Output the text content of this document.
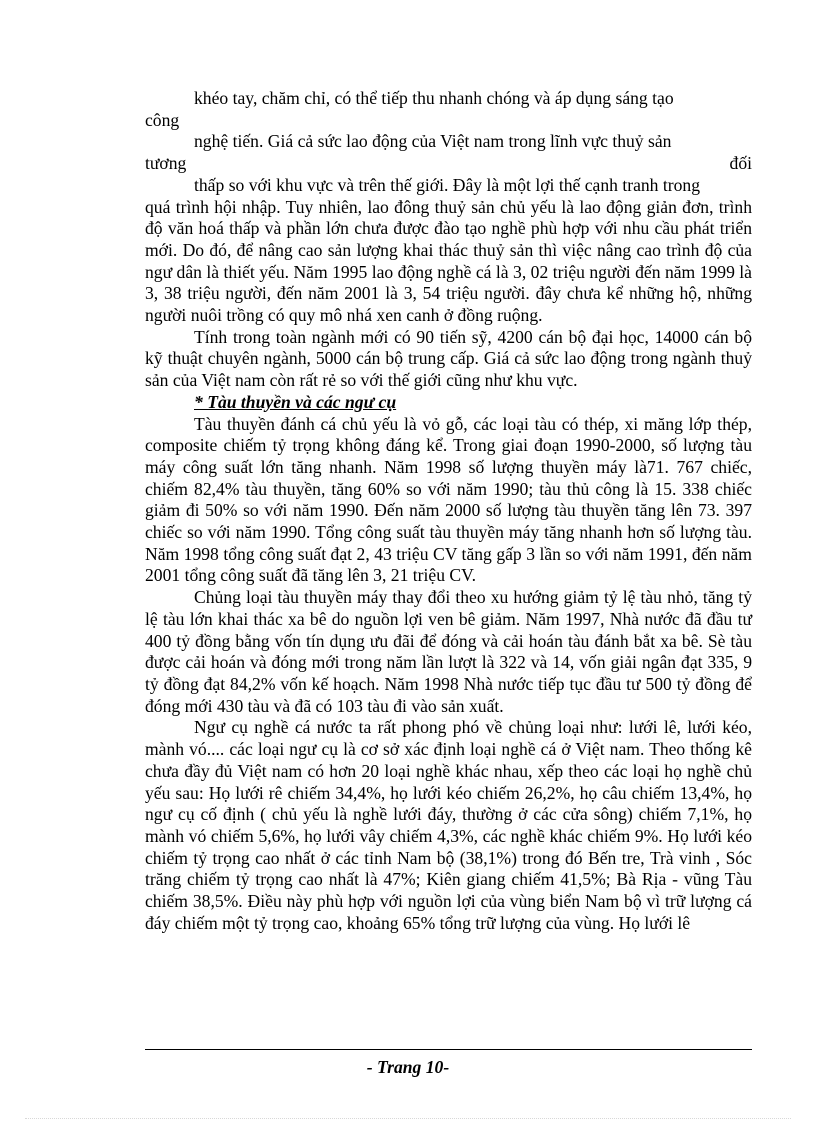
khéo tay, chăm chỉ, có thể tiếp thu nhanh chóng và áp dụng sáng tạo

công

nghệ tiến. Giá cả sức lao động của Việt nam trong lĩnh vực thuỷ sản

tương	đối

thấp so với khu vực và trên thế giới. Đây là một lợi thế cạnh tranh trong

quá trình hội nhập. Tuy nhiên, lao đông thuỷ sản chủ yếu là lao động giản đơn, trình độ văn hoá thấp và phần lớn chưa được đào tạo nghề phù hợp với nhu cầu phát triển mới. Do đó, để nâng cao sản lượng khai thác thuỷ sản thì việc nâng cao trình độ của ngư dân là thiết yếu. Năm 1995 lao động nghề cá là 3, 02 triệu người đến năm 1999 là 3, 38 triệu người, đến năm 2001 là 3, 54 triệu người. đây chưa kể những hộ, những người nuôi trồng có quy mô nhá xen canh ở đồng ruộng.

Tính trong toàn ngành mới có 90 tiến sỹ, 4200 cán bộ đại học, 14000 cán bộ kỹ thuật chuyên ngành, 5000 cán bộ trung cấp. Giá cả sức lao động trong ngành thuỷ sản của Việt nam còn rất rẻ so với thế giới cũng như khu vực.

* Tàu thuyền và các ngư cụ

Tàu thuyền đánh cá chủ yếu là vỏ gỗ, các loại tàu có thép, xi măng lớp thép, composite chiếm tỷ trọng không đáng kể. Trong giai đoạn 1990-2000, số lượng tàu máy công suất lớn tăng nhanh. Năm 1998 số lượng thuyền máy là71. 767 chiếc, chiếm 82,4% tàu thuyền, tăng 60% so với năm 1990; tàu thủ công là 15. 338 chiếc giảm đi 50% so với năm 1990. Đến năm 2000 số lượng tàu thuyền tăng lên 73. 397 chiếc so với năm 1990. Tổng công suất tàu thuyền máy tăng nhanh hơn số lượng tàu. Năm 1998 tổng công suất đạt 2, 43 triệu CV tăng gấp 3 lần so với năm 1991, đến năm 2001 tổng công suất đã tăng lên 3, 21 triệu CV.

Chủng loại tàu thuyền máy thay đổi theo xu hướng giảm tỷ lệ tàu nhỏ, tăng tỷ lệ tàu lớn khai thác xa bê do nguồn lợi ven bê giảm. Năm 1997, Nhà nước đã đầu tư 400 tỷ đồng bằng vốn tín dụng ưu đãi để đóng và cải hoán tàu đánh bắt xa bê. Sè tàu được cải hoán và đóng mới trong năm lần lượt là 322 và 14, vốn giải ngân đạt 335, 9 tỷ đồng đạt 84,2% vốn kế hoạch. Năm 1998 Nhà nước tiếp tục đầu tư 500 tỷ đồng để đóng mới 430 tàu và đã có 103 tàu đi vào sản xuất.

Ngư cụ nghề cá nước ta rất phong phó về chủng loại như: lưới lê, lưới kéo, mành vó.... các loại ngư cụ là cơ sở xác định loại nghề cá ở Việt nam. Theo thống kê chưa đầy đủ Việt nam có hơn 20 loại nghề khác nhau, xếp theo các loại họ nghề chủ yếu sau: Họ lưới rê chiếm 34,4%, họ lưới kéo chiếm 26,2%, họ câu chiếm 13,4%, họ ngư cụ cố định ( chủ yếu là nghề lưới đáy, thường ở các cửa sông) chiếm 7,1%, họ mành vó chiếm 5,6%, họ lưới vây chiếm 4,3%, các nghề khác chiếm 9%. Họ lưới kéo chiếm tỷ trọng cao nhất ở các tỉnh Nam bộ (38,1%) trong đó Bến tre, Trà vinh , Sóc trăng chiếm tỷ trọng cao nhất là 47%; Kiên giang chiếm 41,5%; Bà Rịa - vũng Tàu chiếm 38,5%. Điều này phù hợp với nguồn lợi của vùng biển Nam bộ vì trữ lượng cá đáy chiếm một tỷ trọng cao, khoảng 65% tổng trữ lượng của vùng. Họ lưới lê

- Trang 10-
